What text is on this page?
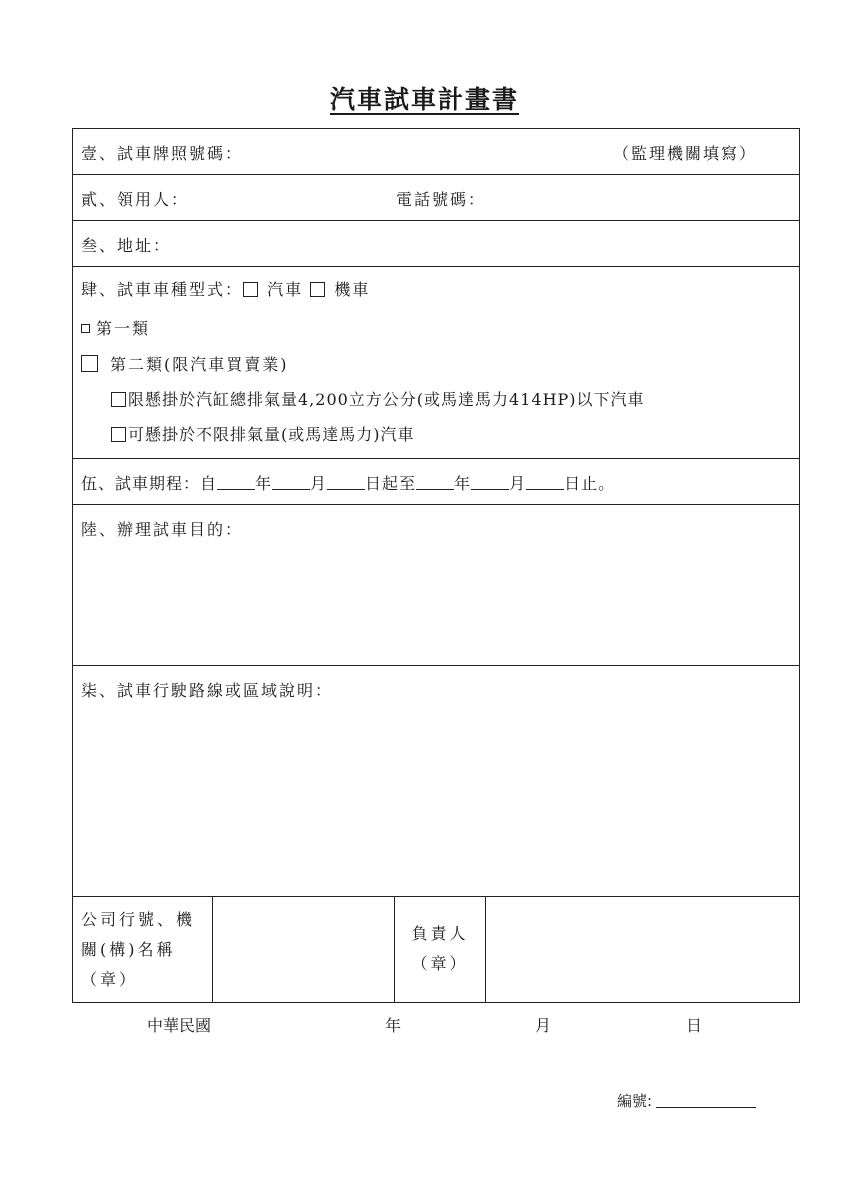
汽車試車計畫書
壹、試車牌照號碼：	（監理機關填寫）
貳、領用人：	電話號碼：
叁、地址：
肆、試車車種型式： 汽車 機車
第一類
第二類(限汽車買賣業)
限懸掛於汽缸總排氣量4,200立方公分(或馬達馬力414HP)以下汽車
可懸掛於不限排氣量(或馬達馬力)汽車
伍、試車期程：自 年 月 日起至 年 月 日止。
陸、辦理試車目的：
柒、試車行駛路線或區域說明：
公司行號、機關(構)名稱（章）
負責人（章）
中華民國	年	月	日
編號:
